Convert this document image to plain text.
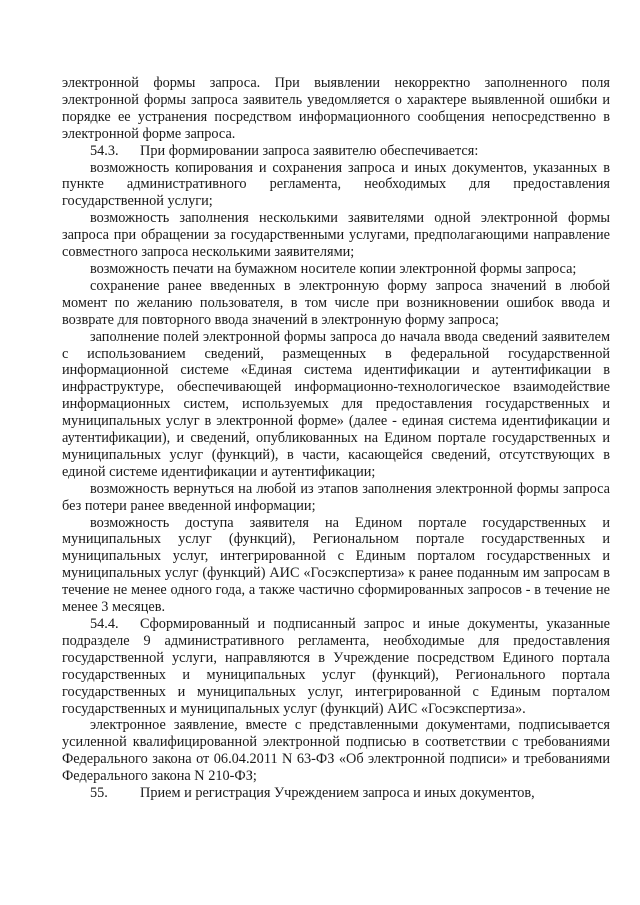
электронной формы запроса. При выявлении некорректно заполненного поля электронной формы запроса заявитель уведомляется о характере выявленной ошибки и порядке ее устранения посредством информационного сообщения непосредственно в электронной форме запроса.

54.3. При формировании запроса заявителю обеспечивается:

возможность копирования и сохранения запроса и иных документов, указанных в пункте административного регламента, необходимых для предоставления государственной услуги;

возможность заполнения несколькими заявителями одной электронной формы запроса при обращении за государственными услугами, предполагающими направление совместного запроса несколькими заявителями;

возможность печати на бумажном носителе копии электронной формы запроса;

сохранение ранее введенных в электронную форму запроса значений в любой момент по желанию пользователя, в том числе при возникновении ошибок ввода и возврате для повторного ввода значений в электронную форму запроса;

заполнение полей электронной формы запроса до начала ввода сведений заявителем с использованием сведений, размещенных в федеральной государственной информационной системе «Единая система идентификации и аутентификации в инфраструктуре, обеспечивающей информационно-технологическое взаимодействие информационных систем, используемых для предоставления государственных и муниципальных услуг в электронной форме» (далее - единая система идентификации и аутентификации), и сведений, опубликованных на Едином портале государственных и муниципальных услуг (функций), в части, касающейся сведений, отсутствующих в единой системе идентификации и аутентификации;

возможность вернуться на любой из этапов заполнения электронной формы запроса без потери ранее введенной информации;

возможность доступа заявителя на Едином портале государственных и муниципальных услуг (функций), Региональном портале государственных и муниципальных услуг, интегрированной с Единым порталом государственных и муниципальных услуг (функций) АИС «Госэкспертиза» к ранее поданным им запросам в течение не менее одного года, а также частично сформированных запросов - в течение не менее 3 месяцев.

54.4. Сформированный и подписанный запрос и иные документы, указанные подразделе 9 административного регламента, необходимые для предоставления государственной услуги, направляются в Учреждение посредством Единого портала государственных и муниципальных услуг (функций), Регионального портала государственных и муниципальных услуг, интегрированной с Единым порталом государственных и муниципальных услуг (функций) АИС «Госэкспертиза».

электронное заявление, вместе с представленными документами, подписывается усиленной квалифицированной электронной подписью в соответствии с требованиями Федерального закона от 06.04.2011 N 63-ФЗ «Об электронной подписи» и требованиями Федерального закона N 210-ФЗ;

55. Прием и регистрация Учреждением запроса и иных документов,
